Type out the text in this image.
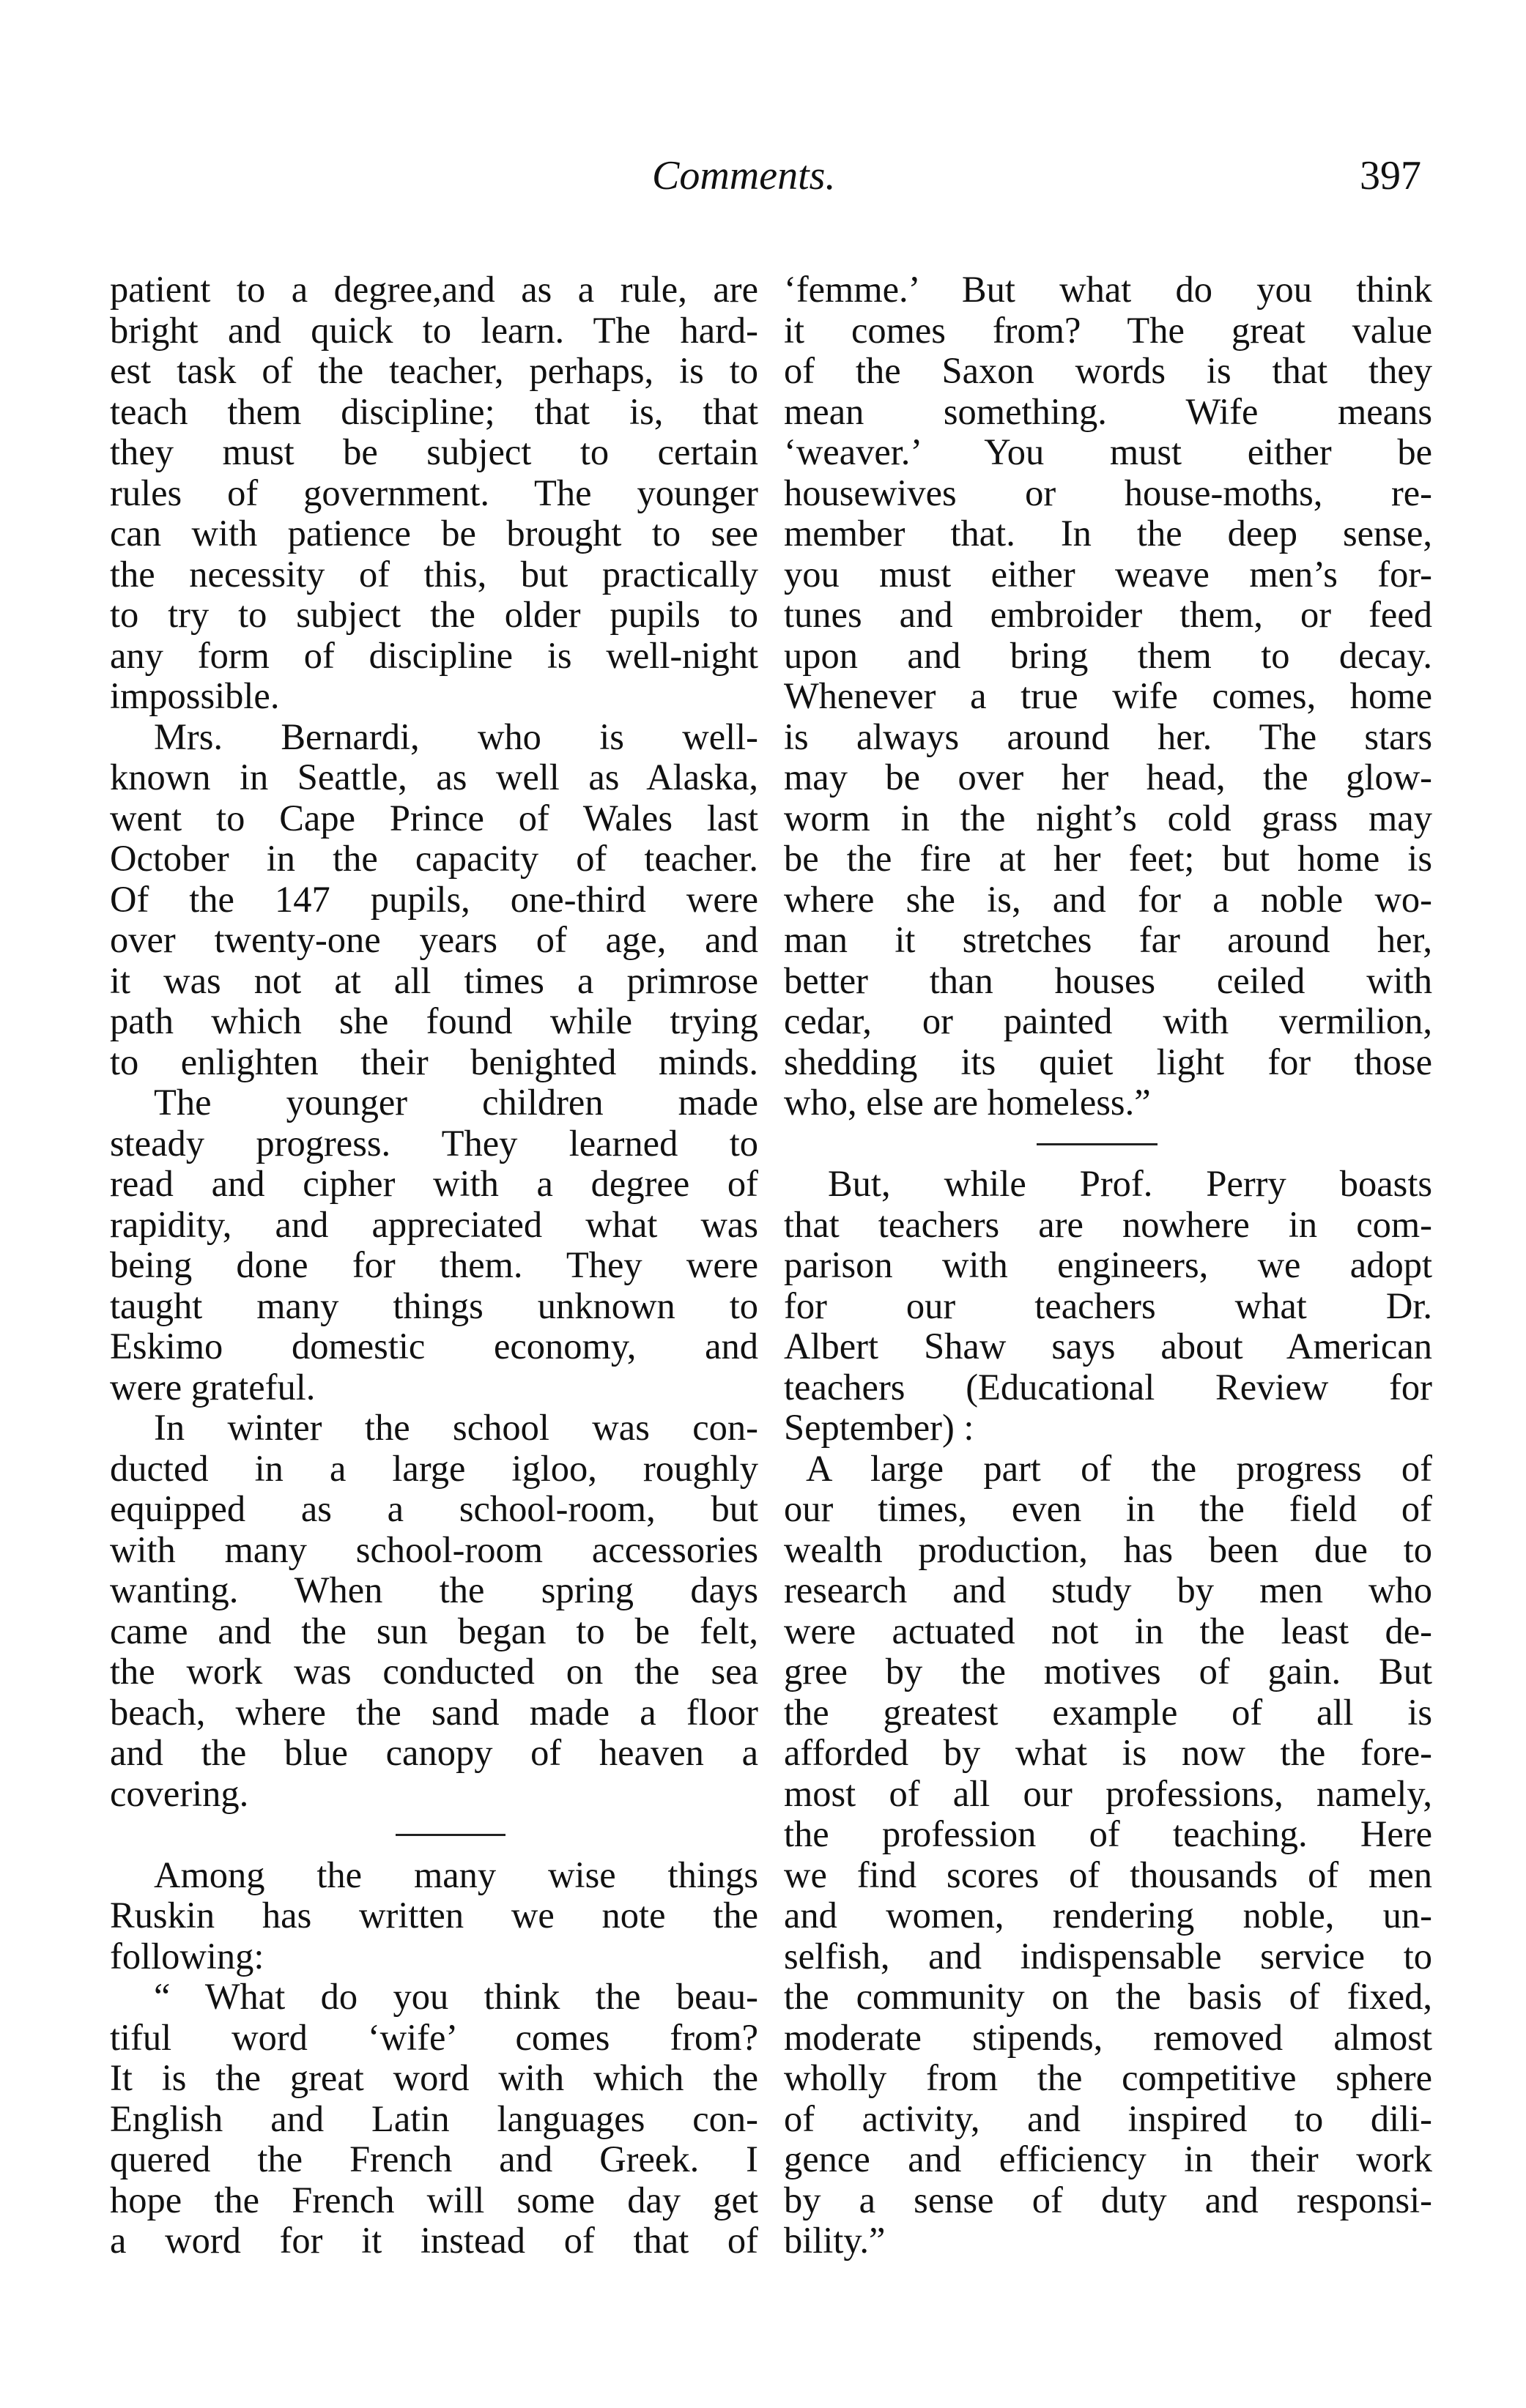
Comments.	397
patient to a degree,and as a rule, are
bright and quick to learn. The hard-
est task of the teacher, perhaps, is to
teach them discipline; that is, that
they must be subject to certain
rules of government. The younger
can with patience be brought to see
the necessity of this, but practically
to try to subject the older pupils to
any form of discipline is well-night
impossible.
Mrs. Bernardi, who is well-
known in Seattle, as well as Alaska,
went to Cape Prince of Wales last
October in the capacity of teacher.
Of the 147 pupils, one-third were
over twenty-one years of age, and
it was not at all times a primrose
path which she found while trying
to enlighten their benighted minds.
The younger children made
steady progress. They learned to
read and cipher with a degree of
rapidity, and appreciated what was
being done for them. They were
taught many things unknown to
Eskimo domestic economy, and
were grateful.
In winter the school was con-
ducted in a large igloo, roughly
equipped as a school-room, but
with many school-room accessories
wanting. When the spring days
came and the sun began to be felt,
the work was conducted on the sea
beach, where the sand made a floor
and the blue canopy of heaven a
covering.
Among the many wise things
Ruskin has written we note the
following:
“ What do you think the beau-
tiful word ‘wife’ comes from?
It is the great word with which the
English and Latin languages con-
quered the French and Greek. I
hope the French will some day get
a word for it instead of that of
‘femme.’ But what do you think
it comes from? The great value
of the Saxon words is that they
mean something. Wife means
‘weaver.’ You must either be
housewives or house-moths, re-
member that. In the deep sense,
you must either weave men’s for-
tunes and embroider them, or feed
upon and bring them to decay.
Whenever a true wife comes, home
is always around her. The stars
may be over her head, the glow-
worm in the night’s cold grass may
be the fire at her feet; but home is
where she is, and for a noble wo-
man it stretches far around her,
better than houses ceiled with
cedar, or painted with vermilion,
shedding its quiet light for those
who, else are homeless.”
But, while Prof. Perry boasts
that teachers are nowhere in com-
parison with engineers, we adopt
for our teachers what Dr.
Albert Shaw says about American
teachers (Educational Review for
September) :
A large part of the progress of
our times, even in the field of
wealth production, has been due to
research and study by men who
were actuated not in the least de-
gree by the motives of gain. But
the greatest example of all is
afforded by what is now the fore-
most of all our professions, namely,
the profession of teaching. Here
we find scores of thousands of men
and women, rendering noble, un-
selfish, and indispensable service to
the community on the basis of fixed,
moderate stipends, removed almost
wholly from the competitive sphere
of activity, and inspired to dili-
gence and efficiency in their work
by a sense of duty and responsi-
bility.”
